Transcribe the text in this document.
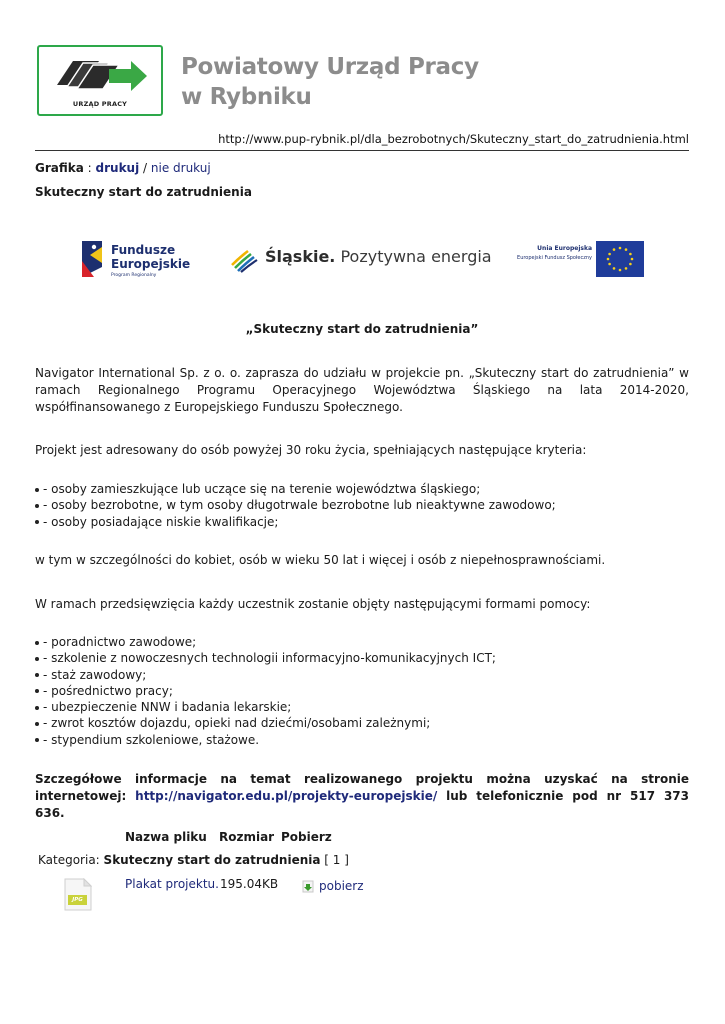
URZĄD PRACY
Powiatowy Urząd Pracy
w Rybniku
http://www.pup-rybnik.pl/dla_bezrobotnych/Skuteczny_start_do_zatrudnienia.html
Grafika : drukuj / nie drukuj
Skuteczny start do zatrudnienia
Fundusze
Europejskie
Program Regionalny
Śląskie. Pozytywna energia	Unia Europejska
Europejski Fundusz Społeczny
„Skuteczny start do zatrudnienia”
Navigator International Sp. z o. o. zaprasza do udziału w projekcie pn. „Skuteczny start do zatrudnienia” w ramach Regionalnego Programu Operacyjnego Województwa Śląskiego na lata 2014-2020, współfinansowanego z Europejskiego Funduszu Społecznego.
Projekt jest adresowany do osób powyżej 30 roku życia, spełniających następujące kryteria:
- osoby zamieszkujące lub uczące się na terenie województwa śląskiego;
- osoby bezrobotne, w tym osoby długotrwale bezrobotne lub nieaktywne zawodowo;
- osoby posiadające niskie kwalifikacje;
w tym w szczególności do kobiet, osób w wieku 50 lat i więcej i osób z niepełnosprawnościami.
W ramach przedsięwzięcia każdy uczestnik zostanie objęty następującymi formami pomocy:
- poradnictwo zawodowe;
- szkolenie z nowoczesnych technologii informacyjno-komunikacyjnych ICT;
- staż zawodowy;
- pośrednictwo pracy;
- ubezpieczenie NNW i badania lekarskie;
- zwrot kosztów dojazdu, opieki nad dziećmi/osobami zależnymi;
- stypendium szkoleniowe, stażowe.
Szczegółowe informacje na temat realizowanego projektu można uzyskać na stronie internetowej: http://navigator.edu.pl/projekty-europejskie/ lub telefonicznie pod nr 517 373 636.
Nazwa pliku Rozmiar Pobierz
Kategoria: Skuteczny start do zatrudnienia [ 1 ]
JPG
Plakat projektu. 195.04KB	pobierz
